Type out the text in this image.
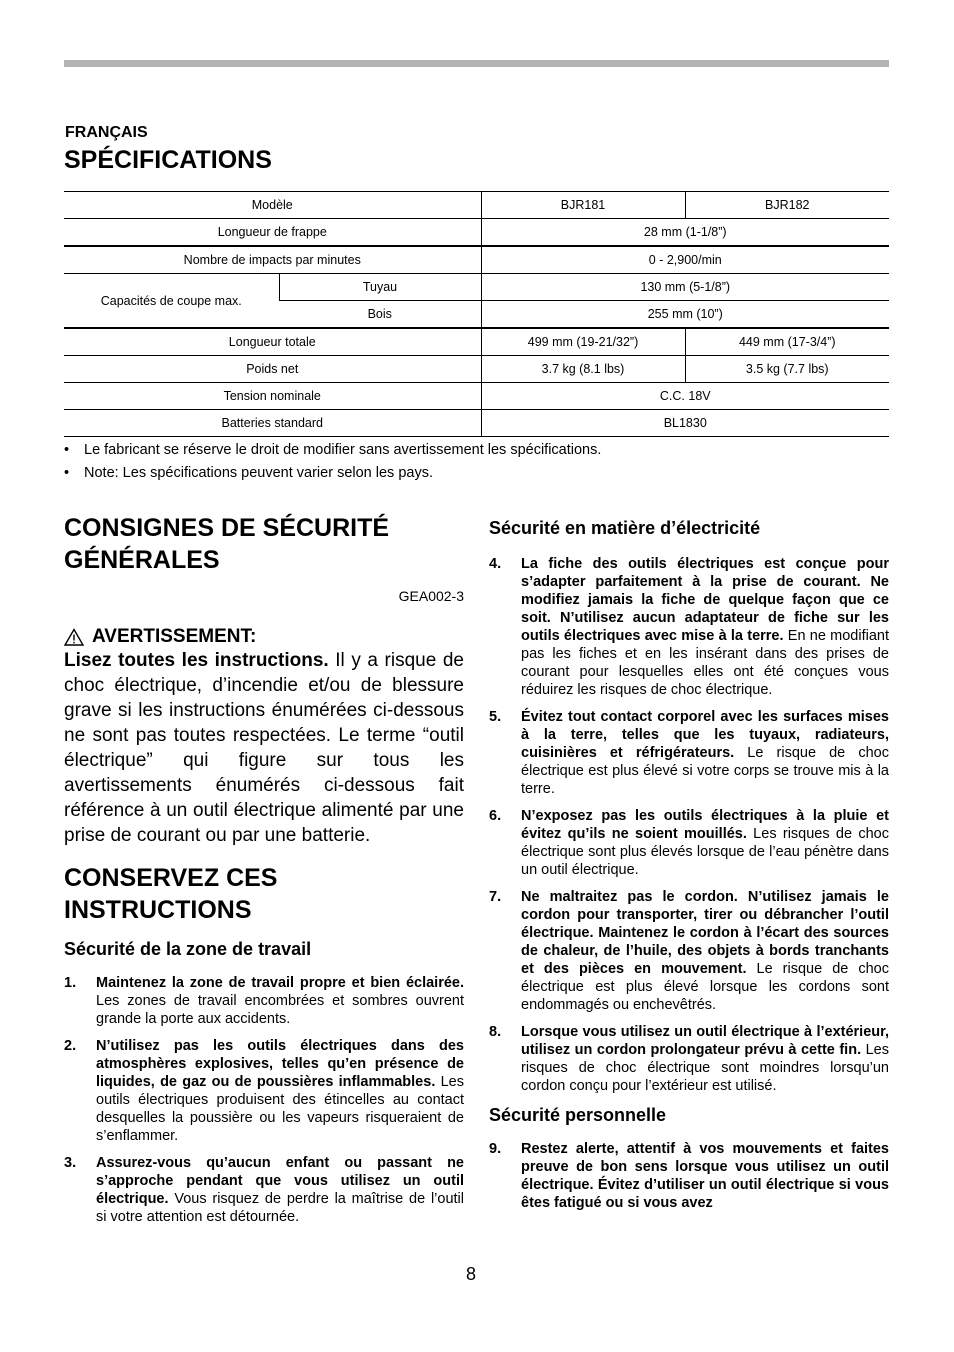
FRANÇAIS
SPÉCIFICATIONS
Modèle		BJR181	BJR182
Longueur de frappe		28 mm (1-1/8”)	
Nombre de impacts par minutes		0 - 2,900/min	
Capacités de coupe max.	Tuyau	130 mm (5-1/8”)	
	Bois	255 mm (10”)	
Longueur totale		499 mm (19-21/32”)	449 mm (17-3/4”)
Poids net		3.7 kg (8.1 lbs)	3.5 kg (7.7 lbs)
Tension nominale		C.C. 18V	
Batteries standard		BL1830	
• Le fabricant se réserve le droit de modifier sans avertissement les spécifications.
• Note: Les spécifications peuvent varier selon les pays.
CONSIGNES DE SÉCURITÉ
GÉNÉRALES
GEA002-3
AVERTISSEMENT:

Lisez toutes les instructions. Il y a risque de choc électrique, d’incendie et/ou de blessure grave si les instructions énumérées ci-dessous ne sont pas toutes respectées. Le terme “outil électrique” qui figure sur tous les avertissements énumérés ci-dessous fait référence à un outil électrique alimenté par une prise de courant ou par une batterie.

CONSERVEZ CES
INSTRUCTIONS
Sécurité de la zone de travail
1. Maintenez la zone de travail propre et bien éclairée. Les zones de travail encombrées et sombres ouvrent grande la porte aux accidents.
2. N’utilisez pas les outils électriques dans des atmosphères explosives, telles qu’en présence de liquides, de gaz ou de poussières inflammables. Les outils électriques produisent des étincelles au contact desquelles la poussière ou les vapeurs risqueraient de s’enflammer.
3. Assurez-vous qu’aucun enfant ou passant ne s’approche pendant que vous utilisez un outil électrique. Vous risquez de perdre la maîtrise de l’outil si votre attention est détournée.
Sécurité en matière d’électricité
4. La fiche des outils électriques est conçue pour s’adapter parfaitement à la prise de courant. Ne modifiez jamais la fiche de quelque façon que ce soit. N’utilisez aucun adaptateur de fiche sur les outils électriques avec mise à la terre. En ne modifiant pas les fiches et en les insérant dans des prises de courant pour lesquelles elles ont été conçues vous réduirez les risques de choc électrique.
5. Évitez tout contact corporel avec les surfaces mises à la terre, telles que les tuyaux, radiateurs, cuisinières et réfrigérateurs. Le risque de choc électrique est plus élevé si votre corps se trouve mis à la terre.
6. N’exposez pas les outils électriques à la pluie et évitez qu’ils ne soient mouillés. Les risques de choc électrique sont plus élevés lorsque de l’eau pénètre dans un outil électrique.
7. Ne maltraitez pas le cordon. N’utilisez jamais le cordon pour transporter, tirer ou débrancher l’outil électrique. Maintenez le cordon à l’écart des sources de chaleur, de l’huile, des objets à bords tranchants et des pièces en mouvement. Le risque de choc électrique est plus élevé lorsque les cordons sont endommagés ou enchevêtrés.
8. Lorsque vous utilisez un outil électrique à l’extérieur, utilisez un cordon prolongateur prévu à cette fin. Les risques de choc électrique sont moindres lorsqu’un cordon conçu pour l’extérieur est utilisé.
Sécurité personnelle
9. Restez alerte, attentif à vos mouvements et faites preuve de bon sens lorsque vous utilisez un outil électrique. Évitez d’utiliser un outil électrique si vous êtes fatigué ou si vous avez
8
